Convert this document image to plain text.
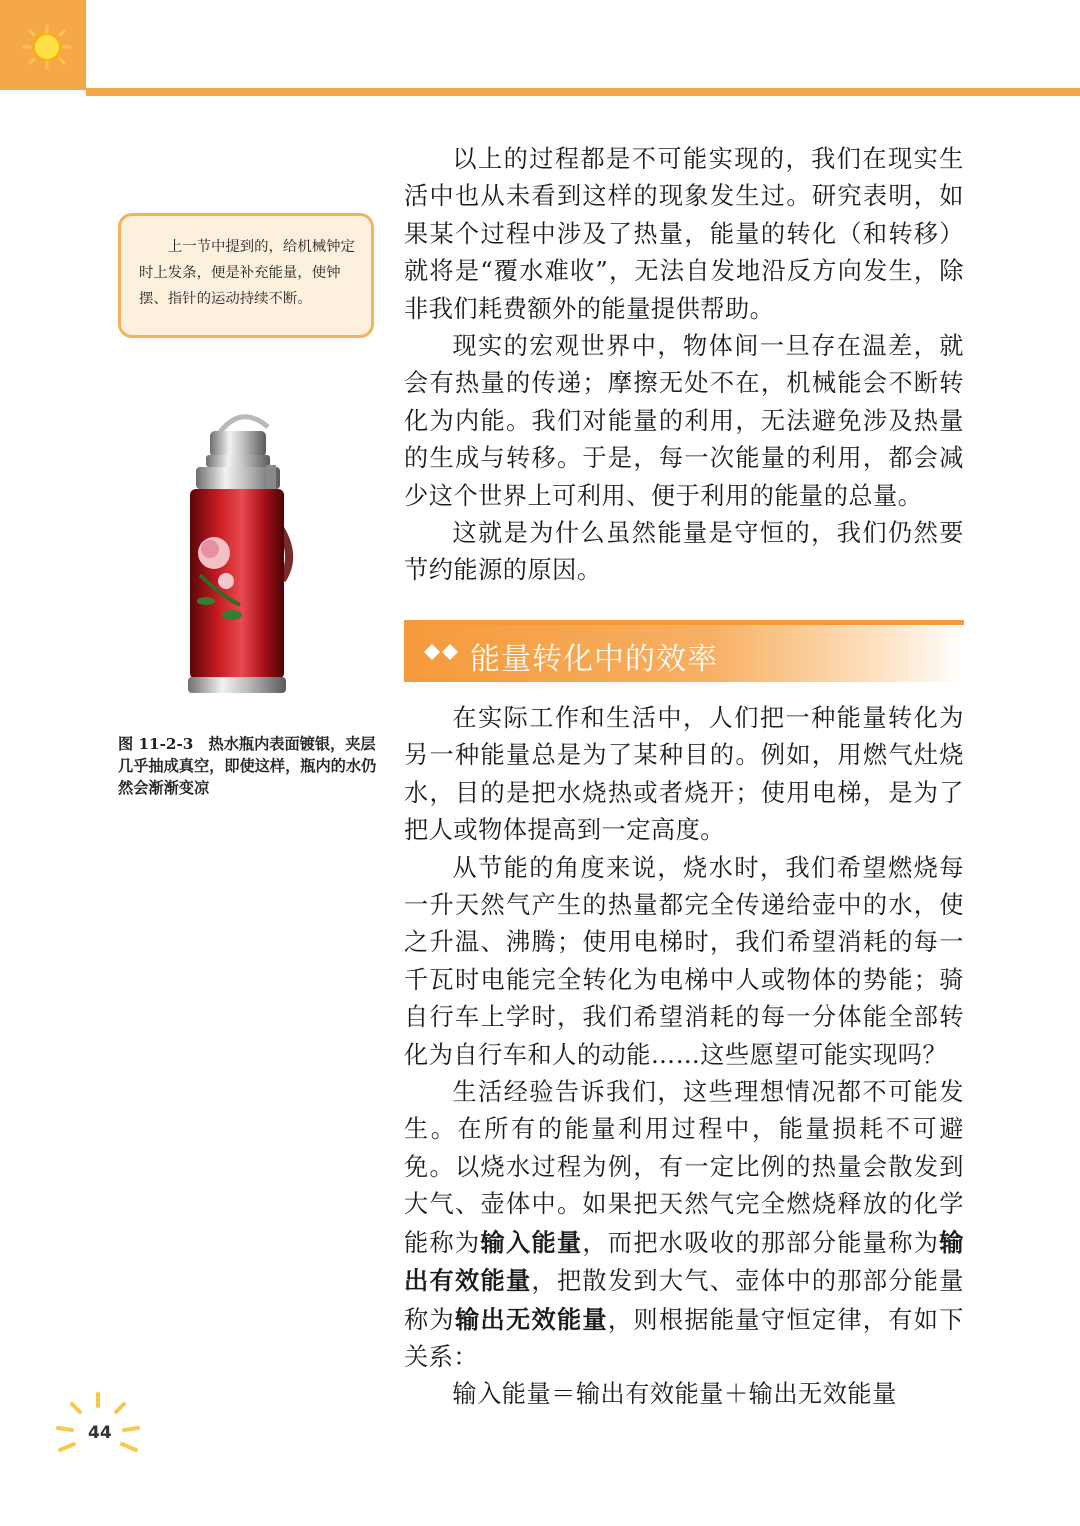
上一节中提到的，给机械钟定时上发条，便是补充能量，使钟摆、指针的运动持续不断。
图 11-2-3　热水瓶内表面镀银，夹层几乎抽成真空，即使这样，瓶内的水仍然会渐渐变凉

以上的过程都是不可能实现的，我们在现实生活中也从未看到这样的现象发生过。研究表明，如果某个过程中涉及了热量，能量的转化（和转移）就将是“覆水难收”，无法自发地沿反方向发生，除非我们耗费额外的能量提供帮助。

现实的宏观世界中，物体间一旦存在温差，就会有热量的传递；摩擦无处不在，机械能会不断转化为内能。我们对能量的利用，无法避免涉及热量的生成与转移。于是，每一次能量的利用，都会减少这个世界上可利用、便于利用的能量的总量。

这就是为什么虽然能量是守恒的，我们仍然要节约能源的原因。

能量转化中的效率

在实际工作和生活中，人们把一种能量转化为另一种能量总是为了某种目的。例如，用燃气灶烧水，目的是把水烧热或者烧开；使用电梯，是为了把人或物体提高到一定高度。

从节能的角度来说，烧水时，我们希望燃烧每一升天然气产生的热量都完全传递给壶中的水，使之升温、沸腾；使用电梯时，我们希望消耗的每一千瓦时电能完全转化为电梯中人或物体的势能；骑自行车上学时，我们希望消耗的每一分体能全部转化为自行车和人的动能……这些愿望可能实现吗？

生活经验告诉我们，这些理想情况都不可能发生。在所有的能量利用过程中，能量损耗不可避免。以烧水过程为例，有一定比例的热量会散发到大气、壶体中。如果把天然气完全燃烧释放的化学能称为输入能量，而把水吸收的那部分能量称为输出有效能量，把散发到大气、壶体中的那部分能量称为输出无效能量，则根据能量守恒定律，有如下关系：

输入能量＝输出有效能量＋输出无效能量

44
